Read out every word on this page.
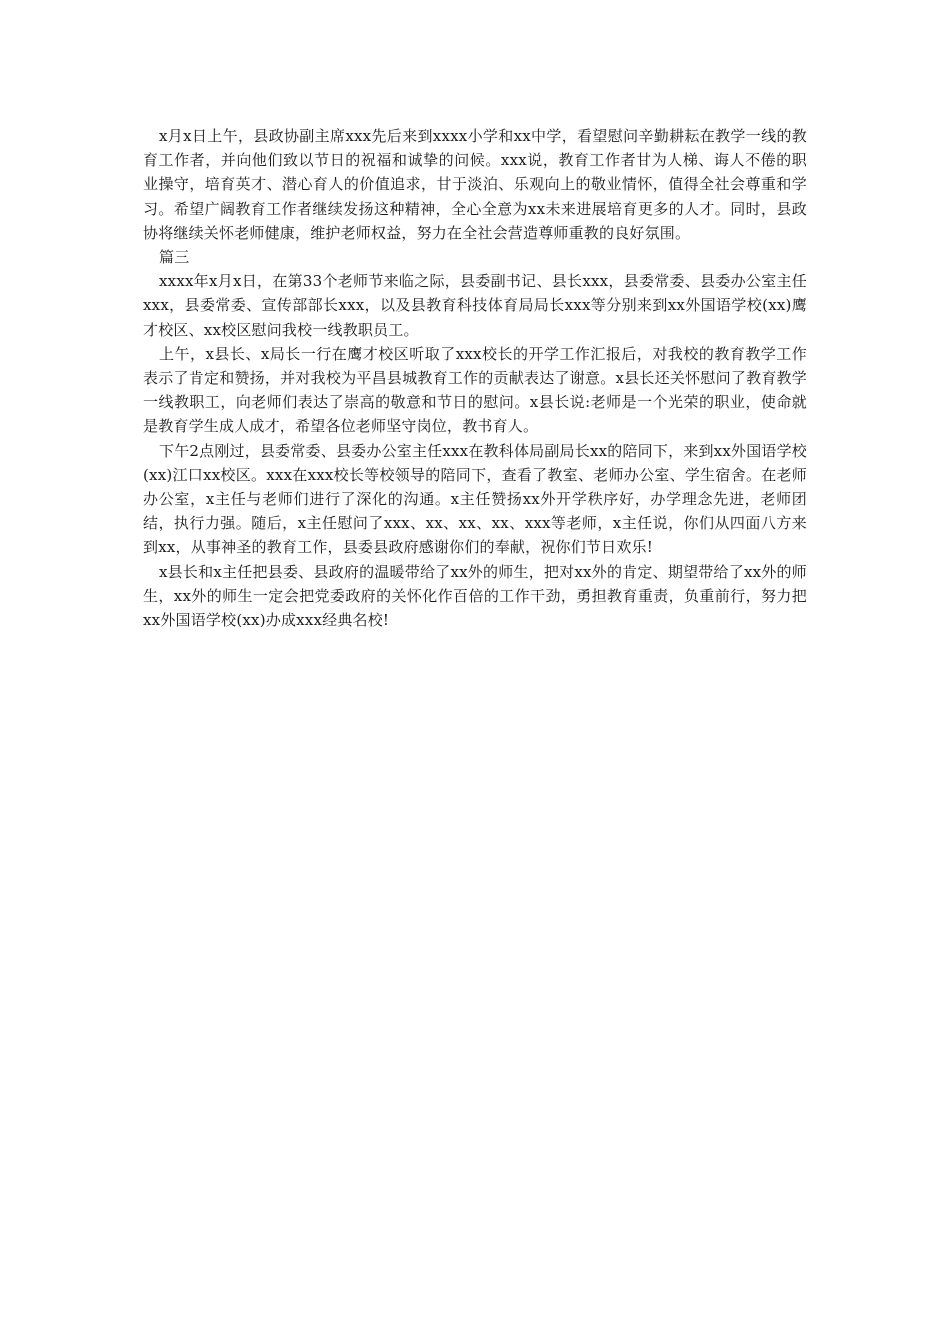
x月x日上午，县政协副主席xxx先后来到xxxx小学和xx中学，看望慰问辛勤耕耘在教学一线的教育工作者，并向他们致以节日的祝福和诚挚的问候。xxx说，教育工作者甘为人梯、诲人不倦的职业操守，培育英才、潜心育人的价值追求，甘于淡泊、乐观向上的敬业情怀，值得全社会尊重和学习。希望广阔教育工作者继续发扬这种精神，全心全意为xx未来进展培育更多的人才。同时，县政协将继续关怀老师健康，维护老师权益，努力在全社会营造尊师重教的良好氛围。

篇三

xxxx年x月x日，在第33个老师节来临之际，县委副书记、县长xxx，县委常委、县委办公室主任xxx，县委常委、宣传部部长xxx，以及县教育科技体育局局长xxx等分别来到xx外国语学校(xx)鹰才校区、xx校区慰问我校一线教职员工。

上午，x县长、x局长一行在鹰才校区听取了xxx校长的开学工作汇报后，对我校的教育教学工作表示了肯定和赞扬，并对我校为平昌县城教育工作的贡献表达了谢意。x县长还关怀慰问了教育教学一线教职工，向老师们表达了崇高的敬意和节日的慰问。x县长说:老师是一个光荣的职业，使命就是教育学生成人成才，希望各位老师坚守岗位，教书育人。

下午2点刚过，县委常委、县委办公室主任xxx在教科体局副局长xx的陪同下，来到xx外国语学校(xx)江口xx校区。xxx在xxx校长等校领导的陪同下，查看了教室、老师办公室、学生宿舍。在老师办公室，x主任与老师们进行了深化的沟通。x主任赞扬xx外开学秩序好，办学理念先进，老师团结，执行力强。随后，x主任慰问了xxx、xx、xx、xx、xxx等老师，x主任说，你们从四面八方来到xx，从事神圣的教育工作，县委县政府感谢你们的奉献，祝你们节日欢乐!

x县长和x主任把县委、县政府的温暖带给了xx外的师生，把对xx外的肯定、期望带给了xx外的师生，xx外的师生一定会把党委政府的关怀化作百倍的工作干劲，勇担教育重责，负重前行，努力把xx外国语学校(xx)办成xxx经典名校!
